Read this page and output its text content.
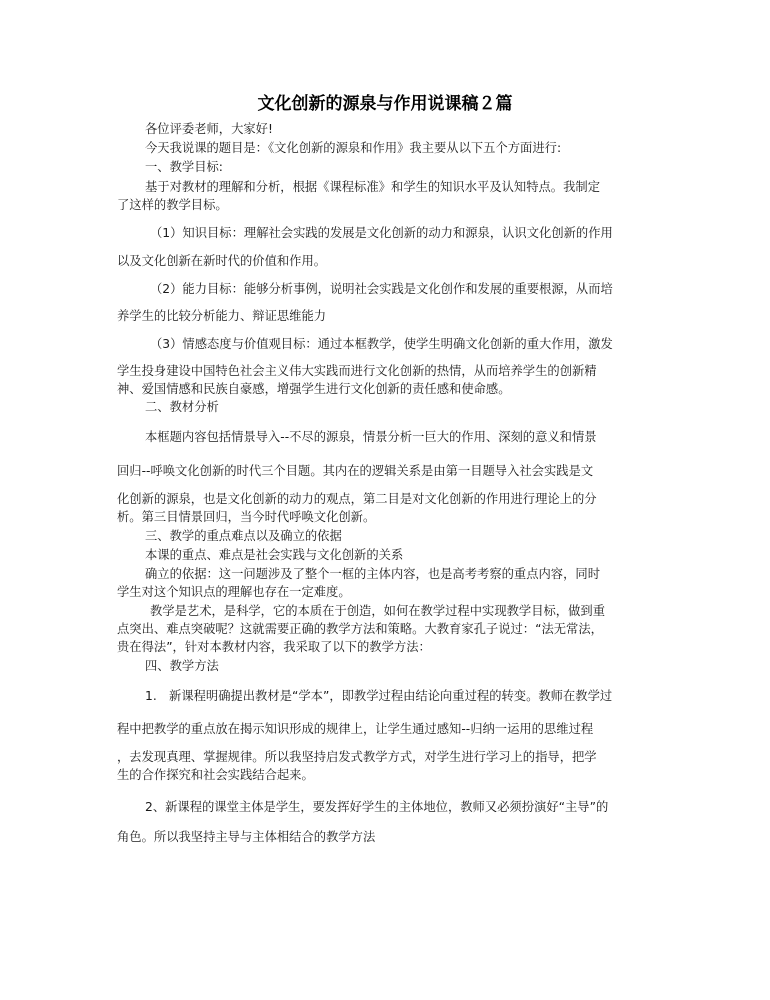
文化创新的源泉与作用说课稿２篇
各位评委老师，大家好!
今天我说课的题目是：《文化创新的源泉和作用》我主要从以下五个方面进行:
一、教学目标:
基于对教材的理解和分析，根据《课程标准》和学生的知识水平及认知特点。我制定
了这样的教学目标。
（1）知识目标：理解社会实践的发展是文化创新的动力和源泉，认识文化创新的作用
以及文化创新在新时代的价值和作用。
（2）能力目标：能够分析事例，说明社会实践是文化创作和发展的重要根源，从而培
养学生的比较分析能力、辩证思维能力
（3）情感态度与价值观目标：通过本框教学，使学生明确文化创新的重大作用，激发
学生投身建设中国特色社会主义伟大实践而进行文化创新的热情，从而培养学生的创新精
神、爱国情感和民族自豪感，增强学生进行文化创新的责任感和使命感。
二、教材分析
本框题内容包括情景导入--不尽的源泉，情景分析一巨大的作用、深刻的意义和情景
回归--呼唤文化创新的时代三个目题。其内在的逻辑关系是由第一目题导入社会实践是文
化创新的源泉，也是文化创新的动力的观点，第二目是对文化创新的作用进行理论上的分
析。第三目情景回归，当今时代呼唤文化创新。
三、教学的重点难点以及确立的依据
本课的重点、难点是社会实践与文化创新的关系
确立的依据：这一问题涉及了整个一框的主体内容，也是高考考察的重点内容，同时
学生对这个知识点的理解也存在一定难度。
教学是艺术，是科学，它的本质在于创造，如何在教学过程中实现教学目标，做到重
点突出、难点突破呢？这就需要正确的教学方法和策略。大教育家孔子说过：“法无常法，
贵在得法”，针对本教材内容，我采取了以下的教学方法：
四、教学方法
1.　新课程明确提出教材是“学本”，即教学过程由结论向重过程的转变。教师在教学过
程中把教学的重点放在揭示知识形成的规律上，让学生通过感知--归纳一运用的思维过程
，去发现真理、掌握规律。所以我坚持启发式教学方式，对学生进行学习上的指导，把学
生的合作探究和社会实践结合起来。
2、新课程的课堂主体是学生，要发挥好学生的主体地位，教师又必须扮演好“主导”的
角色。所以我坚持主导与主体相结合的教学方法
